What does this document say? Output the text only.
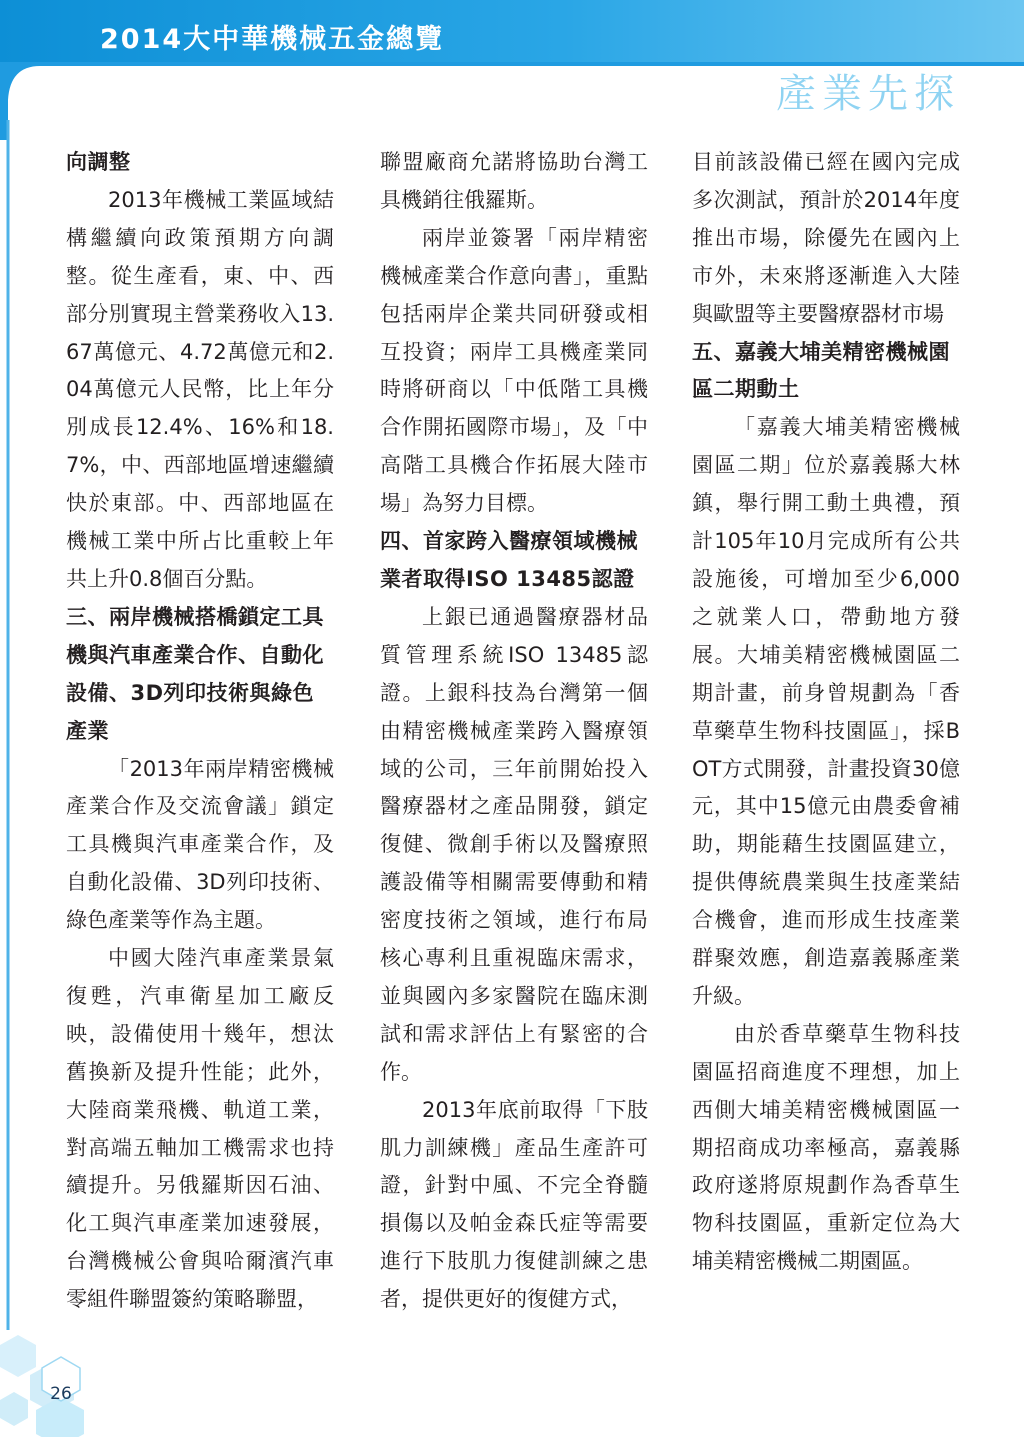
2014大中華機械五金總覽
產業先探

向調整

2013年機械工業區域結構繼續向政策預期方向調整。從生產看，東、中、西部分別實現主營業務收入13.67萬億元、4.72萬億元和2.04萬億元人民幣，比上年分別成長12.4%、16%和18.7%，中、西部地區增速繼續快於東部。中、西部地區在機械工業中所占比重較上年共上升0.8個百分點。

三、兩岸機械搭橋鎖定工具機與汽車產業合作、自動化設備、3D列印技術與綠色產業

「2013年兩岸精密機械產業合作及交流會議」鎖定工具機與汽車產業合作，及自動化設備、3D列印技術、綠色產業等作為主題。

中國大陸汽車產業景氣復甦，汽車衛星加工廠反映，設備使用十幾年，想汰舊換新及提升性能；此外，大陸商業飛機、軌道工業，對高端五軸加工機需求也持續提升。另俄羅斯因石油、化工與汽車產業加速發展，台灣機械公會與哈爾濱汽車零組件聯盟簽約策略聯盟，

聯盟廠商允諾將協助台灣工具機銷往俄羅斯。

兩岸並簽署「兩岸精密機械產業合作意向書」，重點包括兩岸企業共同研發或相互投資；兩岸工具機產業同時將研商以「中低階工具機合作開拓國際市場」，及「中高階工具機合作拓展大陸市場」為努力目標。

四、首家跨入醫療領域機械業者取得ISO 13485認證

上銀已通過醫療器材品質管理系統ISO 13485認證。上銀科技為台灣第一個由精密機械產業跨入醫療領域的公司，三年前開始投入醫療器材之產品開發，鎖定復健、微創手術以及醫療照護設備等相關需要傳動和精密度技術之領域，進行布局核心專利且重視臨床需求，並與國內多家醫院在臨床測試和需求評估上有緊密的合作。

2013年底前取得「下肢肌力訓練機」產品生產許可證，針對中風、不完全脊髓損傷以及帕金森氏症等需要進行下肢肌力復健訓練之患者，提供更好的復健方式，

目前該設備已經在國內完成多次測試，預計於2014年度推出市場，除優先在國內上市外，未來將逐漸進入大陸與歐盟等主要醫療器材市場

五、嘉義大埔美精密機械園區二期動土

「嘉義大埔美精密機械園區二期」位於嘉義縣大林鎮，舉行開工動土典禮，預計105年10月完成所有公共設施後，可增加至少6,000之就業人口，帶動地方發展。大埔美精密機械園區二期計畫，前身曾規劃為「香草藥草生物科技園區」，採BOT方式開發，計畫投資30億元，其中15億元由農委會補助，期能藉生技園區建立，提供傳統農業與生技產業結合機會，進而形成生技產業群聚效應，創造嘉義縣產業升級。

由於香草藥草生物科技園區招商進度不理想，加上西側大埔美精密機械園區一期招商成功率極高，嘉義縣政府遂將原規劃作為香草生物科技園區，重新定位為大埔美精密機械二期園區。

26
